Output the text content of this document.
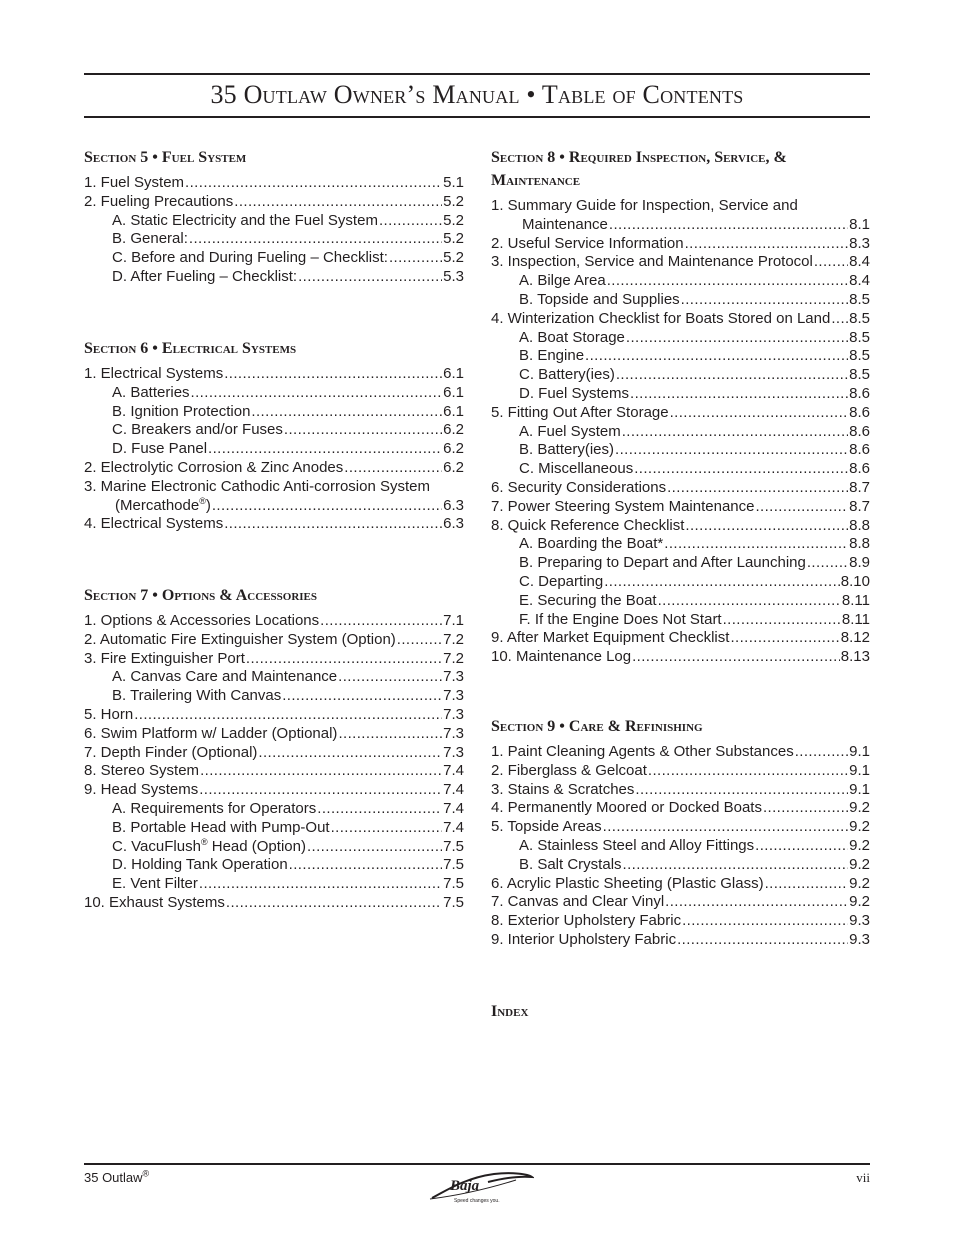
35 Outlaw Owner’s Manual • Table of Contents
Section 5 • Fuel System
1. Fuel System .....	5.1
2. Fueling Precautions .....	5.2
A. Static Electricity and the Fuel System .....	5.2
B. General: .....	5.2
C. Before and During Fueling – Checklist: .....	5.2
D. After Fueling – Checklist: .....	5.3
Section 6 • Electrical Systems
1. Electrical Systems .....	6.1
A. Batteries .....	6.1
B. Ignition Protection .....	6.1
C. Breakers and/or Fuses .....	6.2
D. Fuse Panel .....	6.2
2. Electrolytic Corrosion & Zinc Anodes .....	6.2
3. Marine Electronic Cathodic Anti-corrosion System
(Mercathode®) .....	6.3
4. Electrical Systems .....	6.3
Section 7 • Options & Accessories
1. Options & Accessories Locations .....	7.1
2. Automatic Fire Extinguisher System (Option) .....	7.2
3. Fire Extinguisher Port .....	7.2
A. Canvas Care and Maintenance .....	7.3
B. Trailering With Canvas .....	7.3
5. Horn .....	7.3
6. Swim Platform w/ Ladder (Optional) .....	7.3
7. Depth Finder (Optional) .....	7.3
8. Stereo System .....	7.4
9. Head Systems .....	7.4
A. Requirements for Operators .....	7.4
B. Portable Head with Pump-Out .....	7.4
C. VacuFlush® Head (Option) .....	7.5
D. Holding Tank Operation .....	7.5
E. Vent Filter .....	7.5
10. Exhaust Systems .....	7.5
Section 8 • Required Inspection, Service, & Maintenance
1. Summary Guide for Inspection, Service and
Maintenance .....	8.1
2. Useful Service Information .....	8.3
3. Inspection, Service and Maintenance Protocol ..... 8.4
A. Bilge Area .....	8.4
B. Topside and Supplies .....	8.5
4. Winterization Checklist for Boats Stored on Land ..... 8.5
A. Boat Storage .....	8.5
B. Engine .....	8.5
C. Battery(ies) .....	8.5
D. Fuel Systems .....	8.6
5. Fitting Out After Storage .....	8.6
A. Fuel System .....	8.6
B. Battery(ies) .....	8.6
C. Miscellaneous .....	8.6
6. Security Considerations .....	8.7
7. Power Steering System Maintenance .....	8.7
8. Quick Reference Checklist .....	8.8
A. Boarding the Boat* .....	8.8
B. Preparing to Depart and After Launching .....	8.9
C. Departing .....	8.10
E. Securing the Boat .....	8.11
F. If the Engine Does Not Start .....	8.11
9. After Market Equipment Checklist .....	8.12
10. Maintenance Log .....	8.13
Section 9 • Care & Refinishing
1. Paint Cleaning Agents & Other Substances .....	9.1
2. Fiberglass & Gelcoat .....	9.1
3. Stains & Scratches .....	9.1
4. Permanently Moored or Docked Boats .....	9.2
5. Topside Areas .....	9.2
A. Stainless Steel and Alloy Fittings .....	9.2
B. Salt Crystals .....	9.2
6. Acrylic Plastic Sheeting (Plastic Glass) .....	9.2
7. Canvas and Clear Vinyl .....	9.2
8. Exterior Upholstery Fabric .....	9.3
9. Interior Upholstery Fabric .....	9.3
Index
35 Outlaw®
Baja
Speed changes you.
vii
